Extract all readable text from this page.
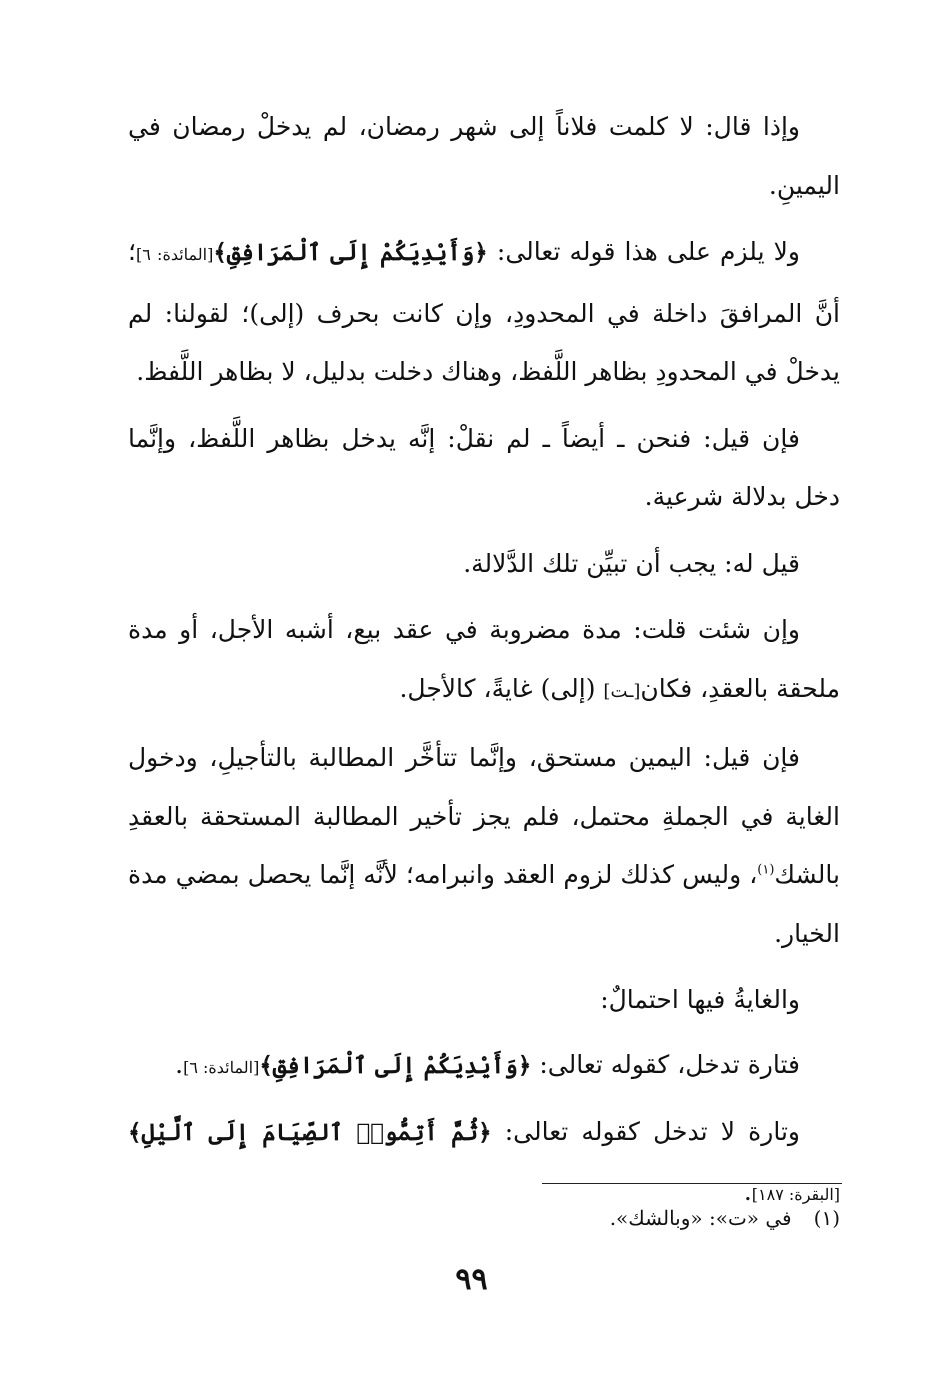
وإذا قال: لا كلمت فلاناً إلى شهر رمضان، لم يدخلْ رمضان في اليمينِ.

ولا يلزم على هذا قوله تعالى: ﴿وَأَيْدِيَكُمْ إِلَى ٱلْمَرَافِقِ﴾[المائدة: ٦]؛ أنَّ المرافقَ داخلة في المحدودِ، وإن كانت بحرف (إلى)؛ لقولنا: لم يدخلْ في المحدودِ بظاهر اللَّفظ، وهناك دخلت بدليل، لا بظاهر اللَّفظ.

فإن قيل: فنحن ـ أيضاً ـ لم نقلْ: إنَّه يدخل بظاهر اللَّفظ، وإنَّما دخل بدلالة شرعية.

قيل له: يجب أن تبيِّن تلك الدَّلالة.

وإن شئت قلت: مدة مضروبة في عقد بيع، أشبه الأجل، أو مدة ملحقة بالعقدِ، فكان[ـت] (إلى) غايةً، كالأجل.

فإن قيل: اليمين مستحق، وإنَّما تتأخَّر المطالبة بالتأجيلِ، ودخول الغاية في الجملةِ محتمل، فلم يجز تأخير المطالبة المستحقة بالعقدِ بالشك$^{(١)}$، وليس كذلك لزوم العقد وانبرامه؛ لأنَّه إنَّما يحصل بمضي مدة الخيار.

والغايةُ فيها احتمالٌ:

فتارة تدخل، كقوله تعالى: ﴿وَأَيْدِيَكُمْ إِلَى ٱلْمَرَافِقِ﴾[المائدة: ٦].

وتارة لا تدخل كقوله تعالى: ﴿ثُمَّ أَتِمُّوا۟ ٱلصِّيَامَ إِلَى ٱلَّيْلِ﴾[البقرة: ١٨٧].

(١)في «ت»: «وبالشك».
٩٩
